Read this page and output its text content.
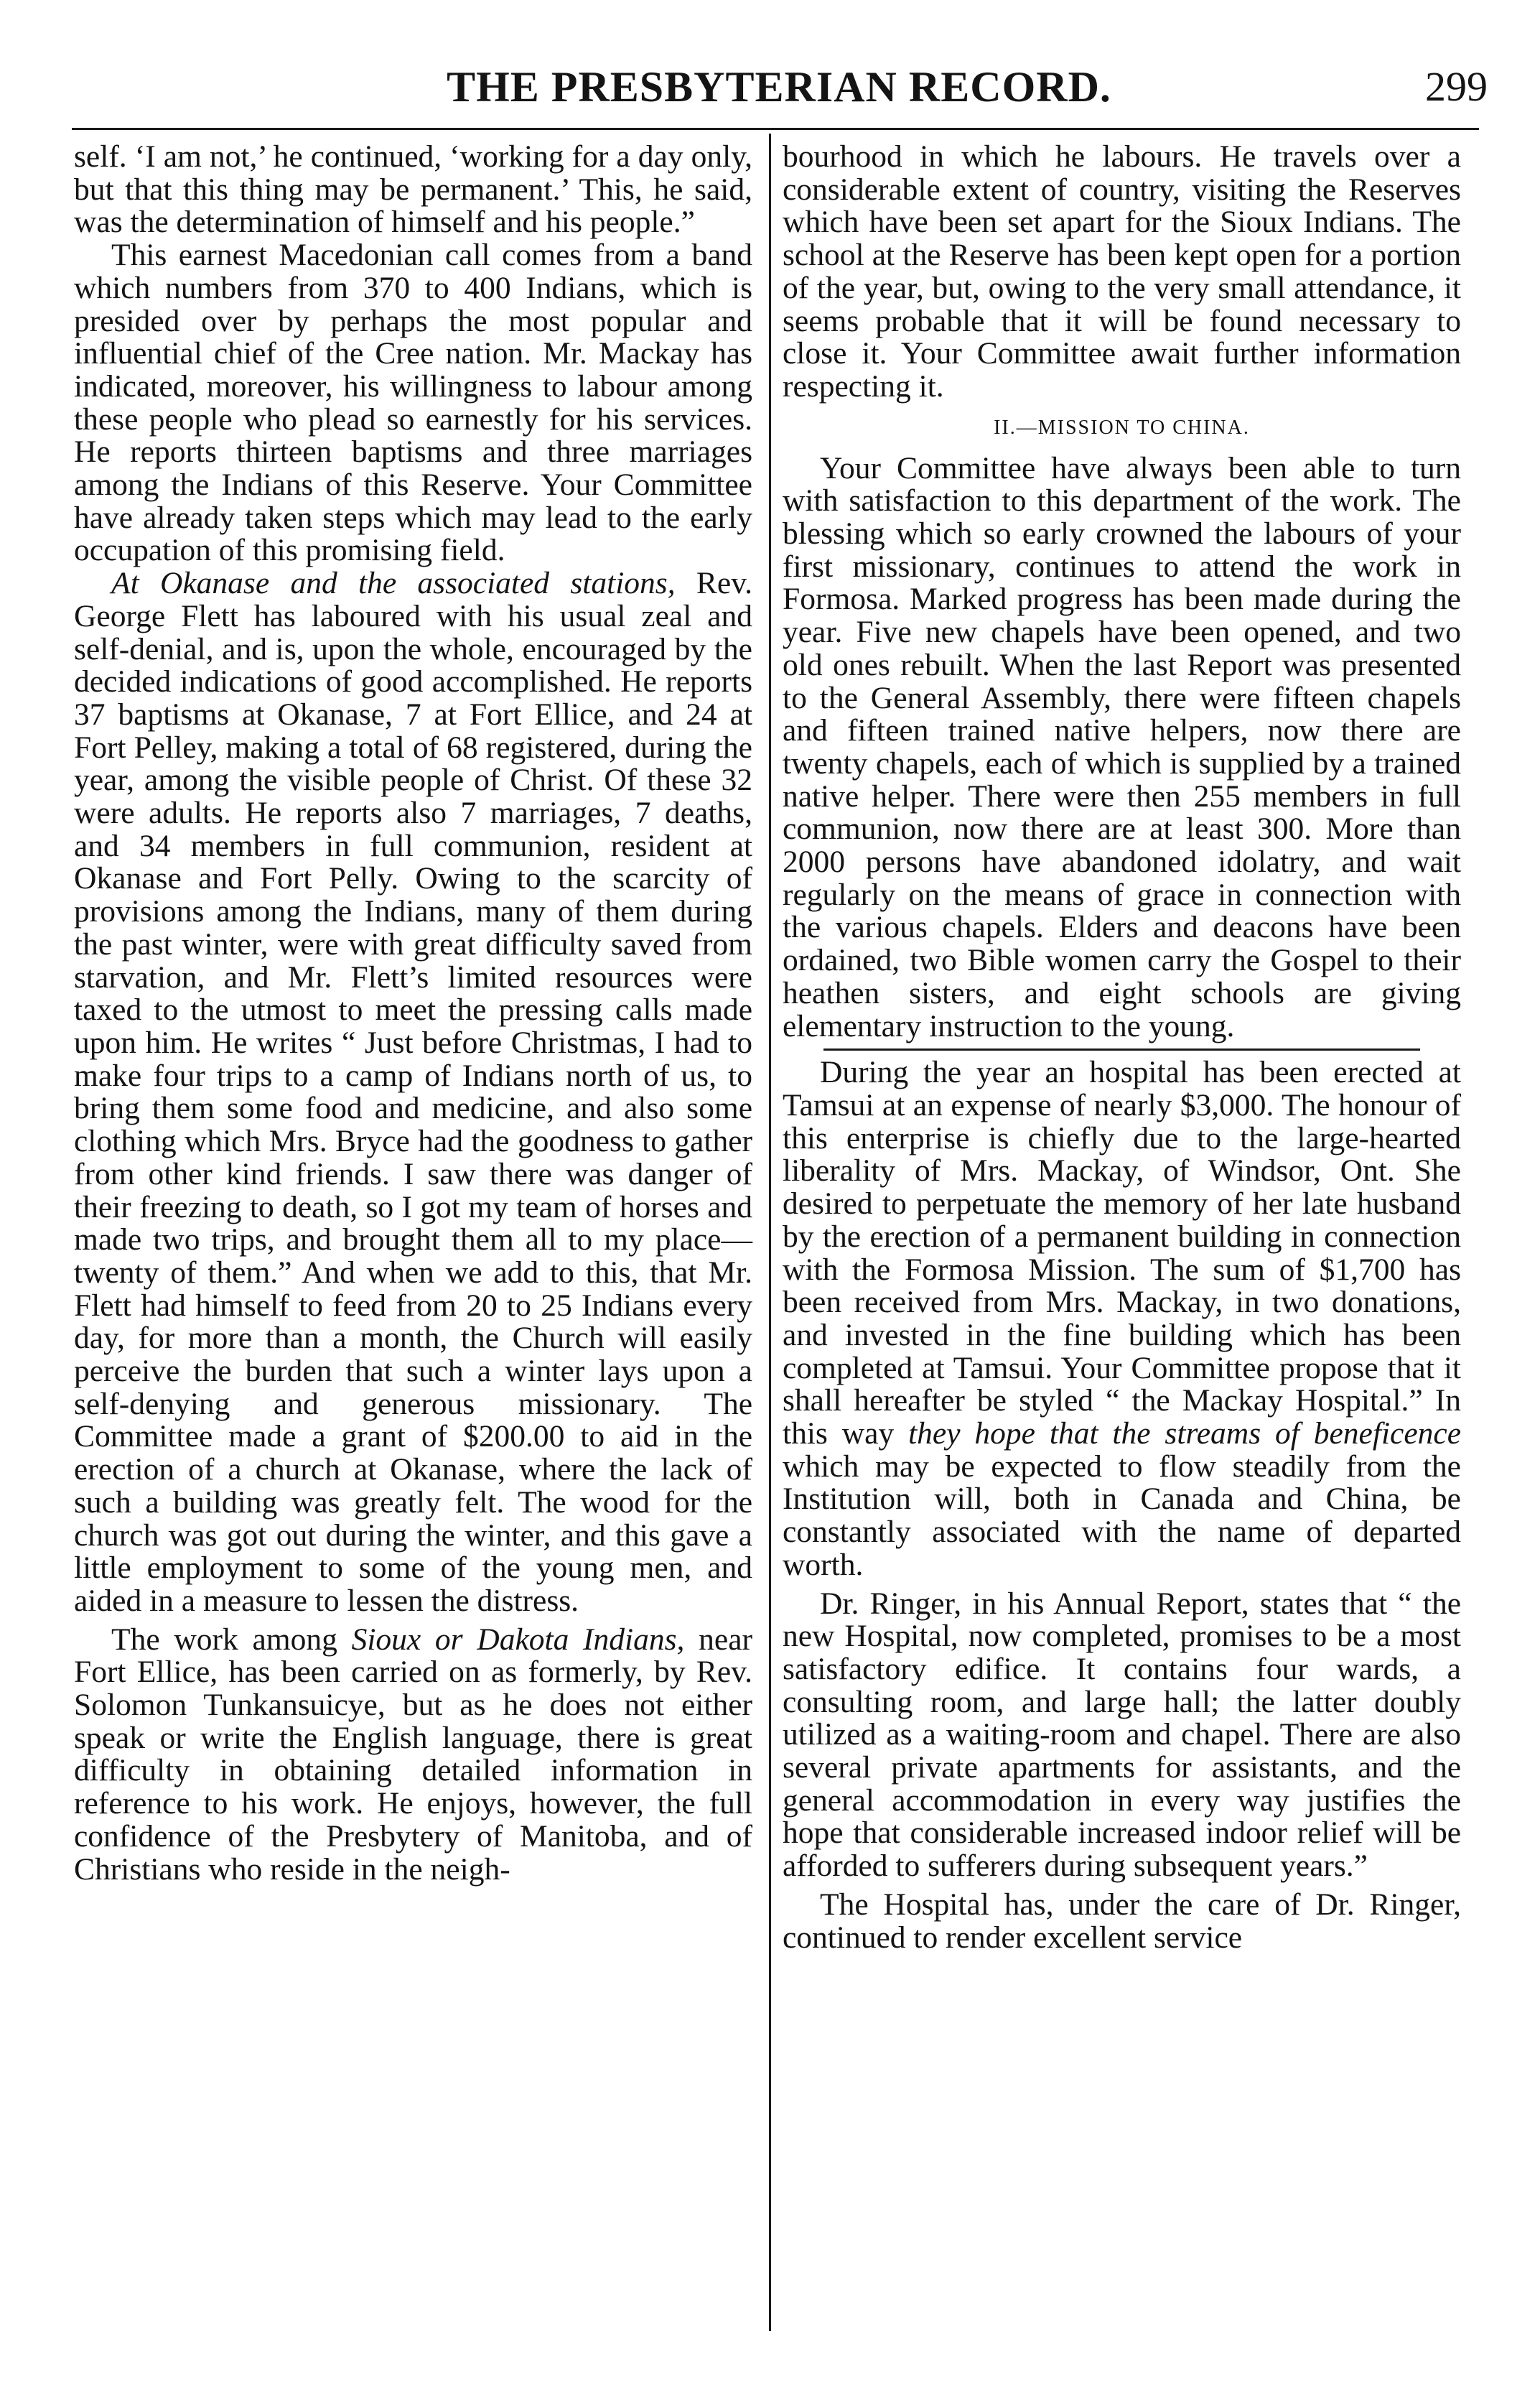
THE PRESBYTERIAN RECORD.	299

self. ‘I am not,’ he continued, ‘working for a day only, but that this thing may be permanent.’ This, he said, was the determination of himself and his people.”

This earnest Macedonian call comes from a band which numbers from 370 to 400 Indians, which is presided over by perhaps the most popular and influential chief of the Cree nation. Mr. Mackay has indicated, moreover, his willingness to labour among these people who plead so earnestly for his services. He reports thirteen baptisms and three marriages among the Indians of this Reserve. Your Committee have already taken steps which may lead to the early occupation of this promising field.

At Okanase and the associated stations, Rev. George Flett has laboured with his usual zeal and self-denial, and is, upon the whole, encouraged by the decided indications of good accomplished. He reports 37 baptisms at Okanase, 7 at Fort Ellice, and 24 at Fort Pelley, making a total of 68 registered, during the year, among the visible people of Christ. Of these 32 were adults. He reports also 7 marriages, 7 deaths, and 34 members in full communion, resident at Okanase and Fort Pelly. Owing to the scarcity of provisions among the Indians, many of them during the past winter, were with great difficulty saved from starvation, and Mr. Flett’s limited resources were taxed to the utmost to meet the pressing calls made upon him. He writes “ Just before Christmas, I had to make four trips to a camp of Indians north of us, to bring them some food and medicine, and also some clothing which Mrs. Bryce had the goodness to gather from other kind friends. I saw there was danger of their freezing to death, so I got my team of horses and made two trips, and brought them all to my place—twenty of them.” And when we add to this, that Mr. Flett had himself to feed from 20 to 25 Indians every day, for more than a month, the Church will easily perceive the burden that such a winter lays upon a self-denying and generous missionary. The Committee made a grant of $200.00 to aid in the erection of a church at Okanase, where the lack of such a building was greatly felt. The wood for the church was got out during the winter, and this gave a little employment to some of the young men, and aided in a measure to lessen the distress.

The work among Sioux or Dakota Indians, near Fort Ellice, has been carried on as formerly, by Rev. Solomon Tunkansuicye, but as he does not either speak or write the English language, there is great difficulty in obtaining detailed information in reference to his work. He enjoys, however, the full confidence of the Presbytery of Manitoba, and of Christians who reside in the neigh-

bourhood in which he labours. He travels over a considerable extent of country, visiting the Reserves which have been set apart for the Sioux Indians. The school at the Reserve has been kept open for a portion of the year, but, owing to the very small attendance, it seems probable that it will be found necessary to close it. Your Committee await further information respecting it.

II.—MISSION TO CHINA.

Your Committee have always been able to turn with satisfaction to this department of the work. The blessing which so early crowned the labours of your first missionary, continues to attend the work in Formosa. Marked progress has been made during the year. Five new chapels have been opened, and two old ones rebuilt. When the last Report was presented to the General Assembly, there were fifteen chapels and fifteen trained native helpers, now there are twenty chapels, each of which is supplied by a trained native helper. There were then 255 members in full communion, now there are at least 300. More than 2000 persons have abandoned idolatry, and wait regularly on the means of grace in connection with the various chapels. Elders and deacons have been ordained, two Bible women carry the Gospel to their heathen sisters, and eight schools are giving elementary instruction to the young.

During the year an hospital has been erected at Tamsui at an expense of nearly $3,000. The honour of this enterprise is chiefly due to the large-hearted liberality of Mrs. Mackay, of Windsor, Ont. She desired to perpetuate the memory of her late husband by the erection of a permanent building in connection with the Formosa Mission. The sum of $1,700 has been received from Mrs. Mackay, in two donations, and invested in the fine building which has been completed at Tamsui. Your Committee propose that it shall hereafter be styled “ the Mackay Hospital.” In this way they hope that the streams of beneficence which may be expected to flow steadily from the Institution will, both in Canada and China, be constantly associated with the name of departed worth.

Dr. Ringer, in his Annual Report, states that “ the new Hospital, now completed, promises to be a most satisfactory edifice. It contains four wards, a consulting room, and large hall; the latter doubly utilized as a waiting-room and chapel. There are also several private apartments for assistants, and the general accommodation in every way justifies the hope that considerable increased indoor relief will be afforded to sufferers during subsequent years.”

The Hospital has, under the care of Dr. Ringer, continued to render excellent service
